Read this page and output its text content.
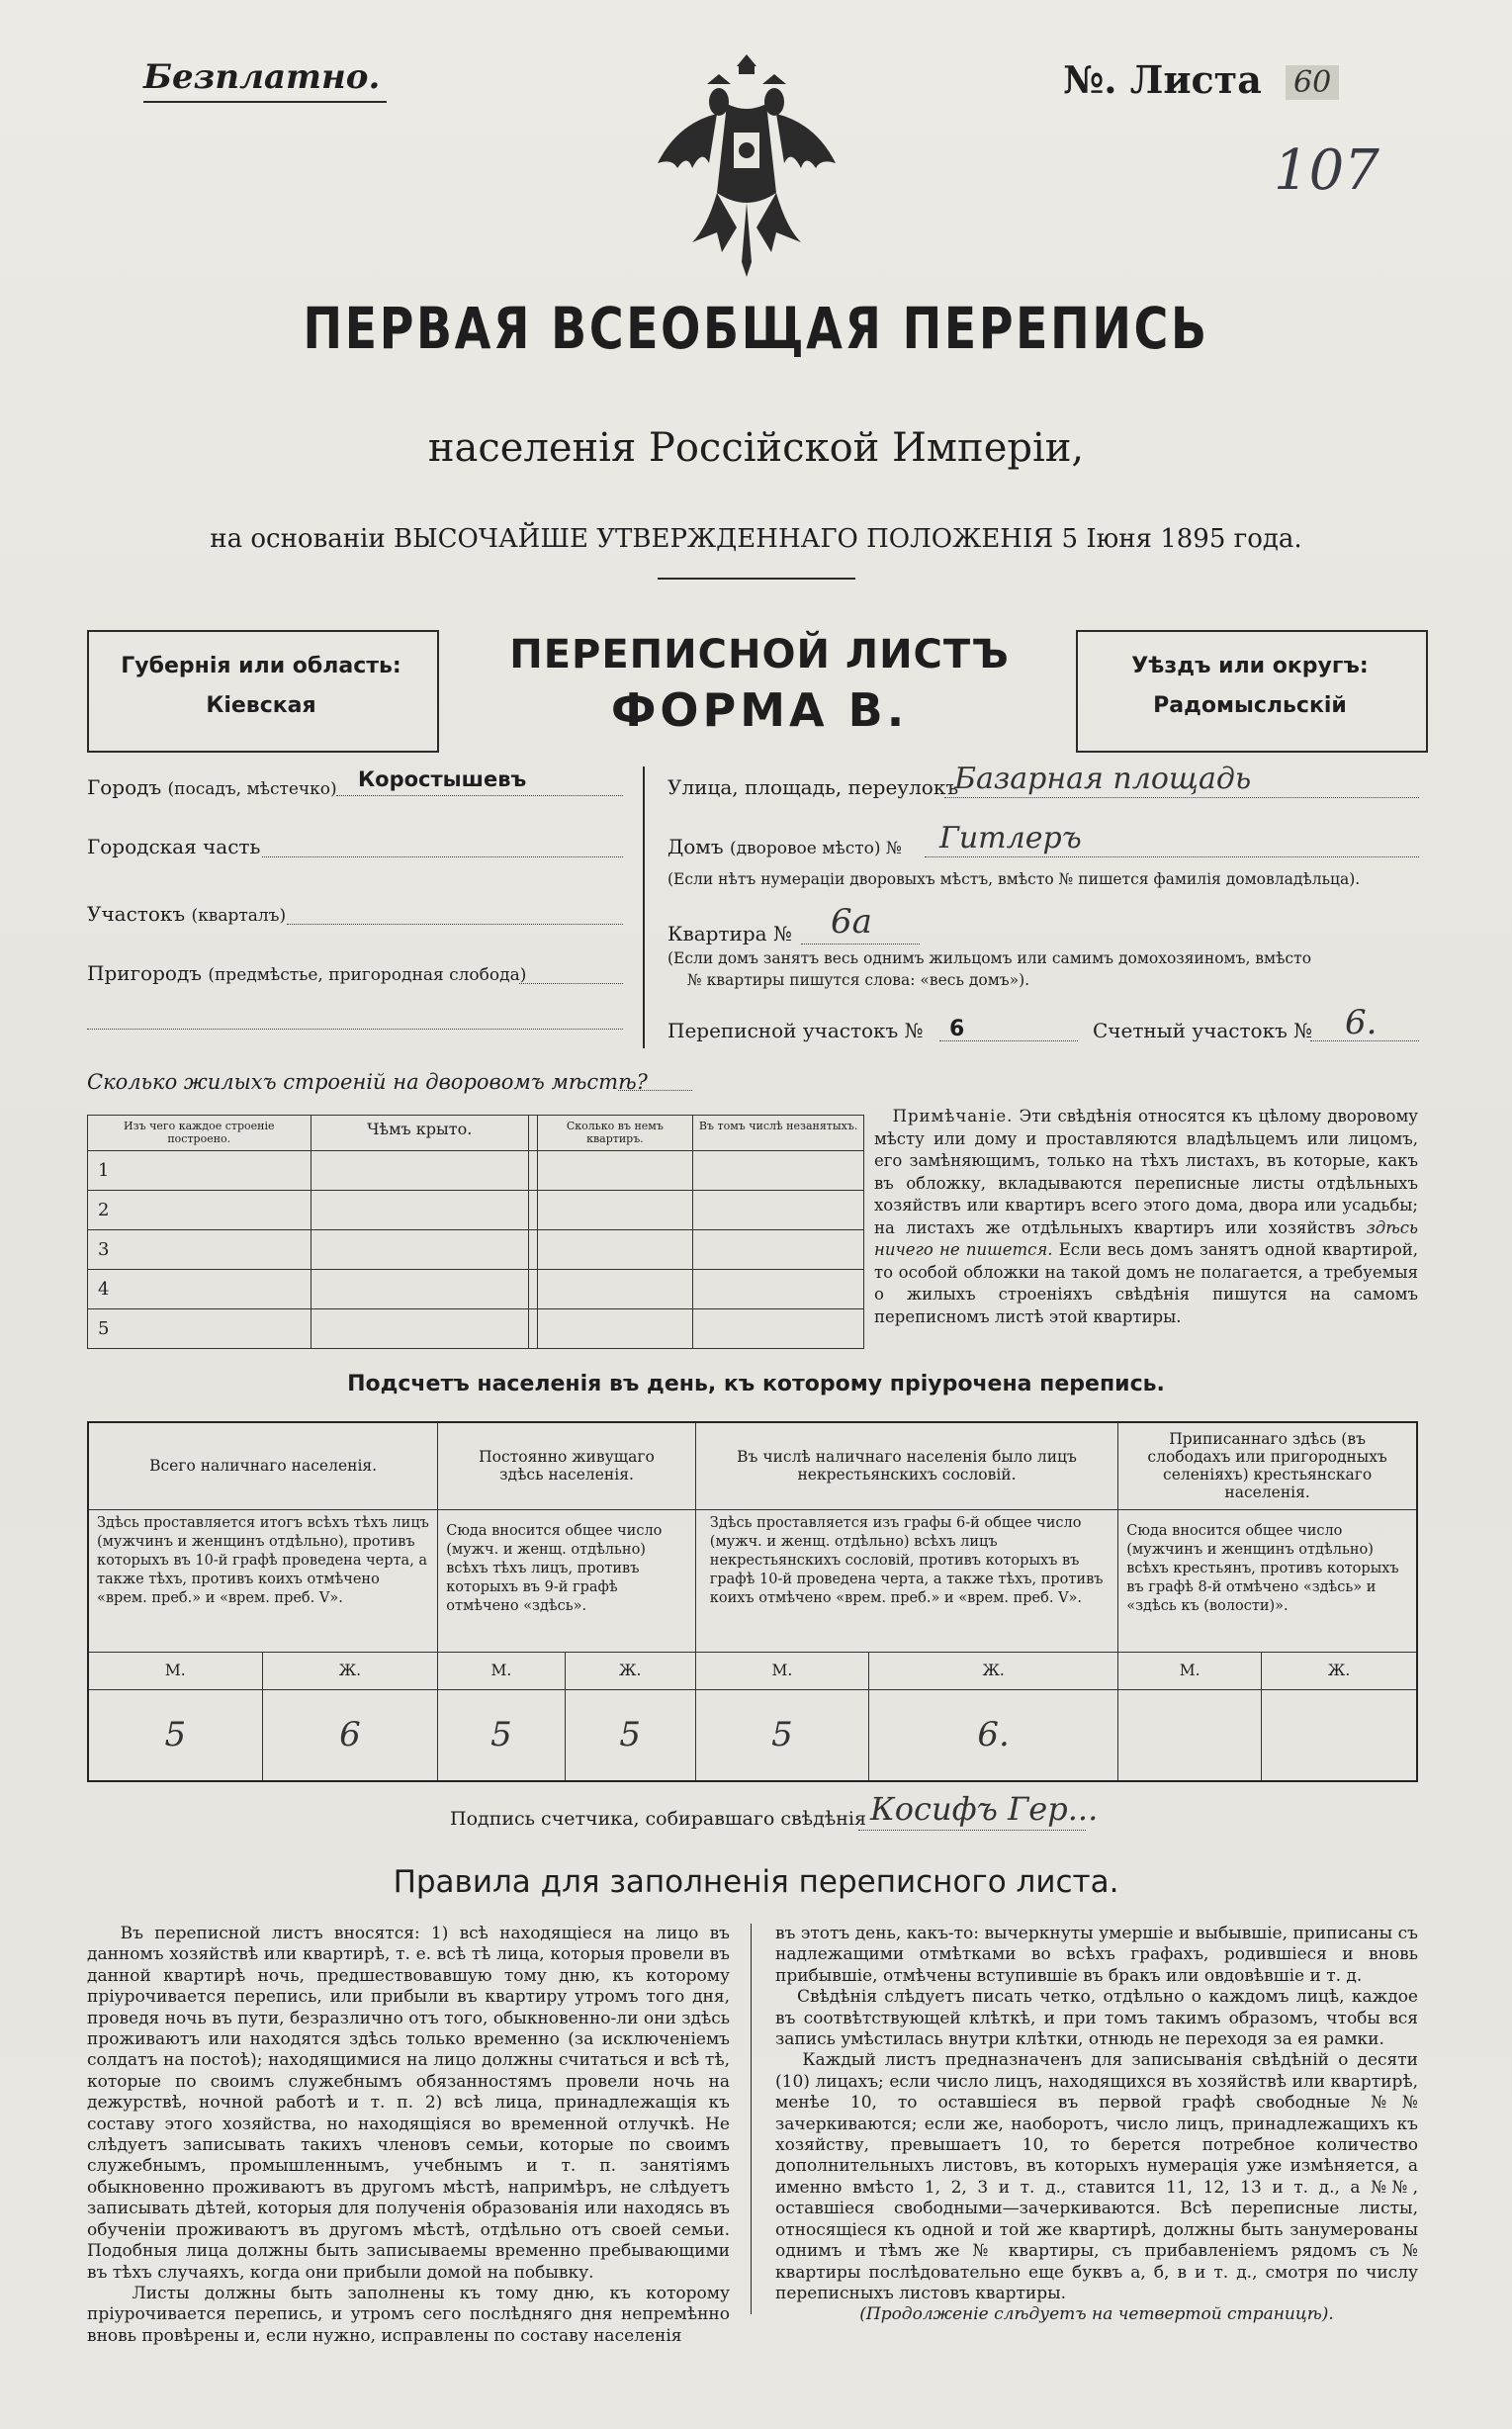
Безплатно.	№. Листа 60
107
ПЕРВАЯ ВСЕОБЩАЯ ПЕРЕПИСЬ
населенія Россійской Имперіи,
на основаніи ВЫСОЧАЙШЕ УТВЕРЖДЕННАГО ПОЛОЖЕНІЯ 5 Іюня 1895 года.
Губернія или область:
Кіевская
ПЕРЕПИСНОЙ ЛИСТЪ
ФОРМА В.
Уѣздъ или округъ:
Радомысльскій
Городъ (посадъ, мѣстечко) Коростышевъ
Городская часть
Участокъ (кварталъ)
Пригородъ (предмѣстье, пригородная слобода)
Улица, площадь, переулокъ
Базарная площадь
Домъ (дворовое мѣсто) № Гитлеръ
(Если нѣтъ нумераціи дворовыхъ мѣстъ, вмѣсто № пишется фамилія домовладѣльца).
Квартира № 6а
(Если домъ занятъ весь однимъ жильцомъ или самимъ домохозяиномъ, вмѣсто
№ квартиры пишутся слова: «весь домъ»).
Переписной участокъ № 6	Счетный участокъ № 6.
Сколько жилыхъ строеній на дворовомъ мѣстѣ?
Изъ чего каждое строеніе построено.	Чѣмъ крыто.		Сколько въ немъ квартиръ.	Въ томъ числѣ незанятыхъ.
1				
2				
3				
4				
5				
Примѣчаніе. Эти свѣдѣнія относятся къ цѣлому дворовому мѣсту или дому и проставляются владѣльцемъ или лицомъ, его замѣняющимъ, только на тѣхъ листахъ, въ которые, какъ въ обложку, вкладываются переписные листы отдѣльныхъ хозяйствъ или квартиръ всего этого дома, двора или усадьбы; на листахъ же отдѣльныхъ квартиръ или хозяйствъ здѣсь ничего не пишется. Если весь домъ занятъ одной квартирой, то особой обложки на такой домъ не полагается, а требуемыя о жилыхъ строеніяхъ свѣдѣнія пишутся на самомъ переписномъ листѣ этой квартиры.
Подсчетъ населенія въ день, къ которому пріурочена перепись.
Всего наличнаго населенія.		Постоянно живущаго здѣсь населенія.		Въ числѣ наличнаго населенія было лицъ некрестьянскихъ сословій.		Приписаннаго здѣсь (въ слободахъ или пригородныхъ селеніяхъ) крестьянскаго населенія.	
Здѣсь проставляется итогъ всѣхъ тѣхъ лицъ (мужчинъ и женщинъ отдѣльно), противъ которыхъ въ 10-й графѣ проведена черта, а также тѣхъ, противъ коихъ отмѣчено «врем. преб.» и «врем. преб. V».		Сюда вносится общее число (мужч. и женщ. отдѣльно) всѣхъ тѣхъ лицъ, противъ которыхъ въ 9-й графѣ отмѣчено «здѣсь».		Здѣсь проставляется изъ графы 6-й общее число (мужч. и женщ. отдѣльно) всѣхъ лицъ некрестьянскихъ сословій, противъ которыхъ въ графѣ 10-й проведена черта, а также тѣхъ, противъ коихъ отмѣчено «врем. преб.» и «врем. преб. V».		Сюда вносится общее число (мужчинъ и женщинъ отдѣльно) всѣхъ крестьянъ, противъ которыхъ въ графѣ 8-й отмѣчено «здѣсь» и «здѣсь къ (волости)».	
М.	Ж.	М.	Ж.	М.	Ж.	М.	Ж.
5	6	5	5	5	6.		
Подпись счетчика, собиравшаго свѣдѣнія Косифъ Гер...
Правила для заполненія переписного листа.
Въ переписной листъ вносятся: 1) всѣ находящіеся на лицо въ данномъ хозяйствѣ или квартирѣ, т. е. всѣ тѣ лица, которыя провели въ данной квартирѣ ночь, предшествовавшую тому дню, къ которому пріурочивается перепись, или прибыли въ квартиру утромъ того дня, проведя ночь въ пути, безразлично отъ того, обыкновенно-ли они здѣсь проживаютъ или находятся здѣсь только временно (за исключеніемъ солдатъ на постоѣ); находящимися на лицо должны считаться и всѣ тѣ, которые по своимъ служебнымъ обязанностямъ провели ночь на дежурствѣ, ночной работѣ и т. п. 2) всѣ лица, принадлежащія къ составу этого хозяйства, но находящіяся во временной отлучкѣ. Не слѣдуетъ записывать такихъ членовъ семьи, которые по своимъ служебнымъ, промышленнымъ, учебнымъ и т. п. занятіямъ обыкновенно проживаютъ въ другомъ мѣстѣ, напримѣръ, не слѣдуетъ записывать дѣтей, которыя для полученія образованія или находясь въ обученіи проживаютъ въ другомъ мѣстѣ, отдѣльно отъ своей семьи. Подобныя лица должны быть записываемы временно пребывающими въ тѣхъ случаяхъ, когда они прибыли домой на побывку.
Листы должны быть заполнены къ тому дню, къ которому пріурочивается перепись, и утромъ сего послѣдняго дня непремѣнно вновь провѣрены и, если нужно, исправлены по составу населенія
въ этотъ день, какъ-то: вычеркнуты умершіе и выбывшіе, приписаны съ надлежащими отмѣтками во всѣхъ графахъ, родившіеся и вновь прибывшіе, отмѣчены вступившіе въ бракъ или овдовѣвшіе и т. д.
Свѣдѣнія слѣдуетъ писать четко, отдѣльно о каждомъ лицѣ, каждое въ соотвѣтствующей клѣткѣ, и при томъ такимъ образомъ, чтобы вся запись умѣстилась внутри клѣтки, отнюдь не переходя за ея рамки.
Каждый листъ предназначенъ для записыванія свѣдѣній о десяти (10) лицахъ; если число лицъ, находящихся въ хозяйствѣ или квартирѣ, менѣе 10, то оставшіеся въ первой графѣ свободные №№ зачеркиваются; если же, наоборотъ, число лицъ, принадлежащихъ къ хозяйству, превышаетъ 10, то берется потребное количество дополнительныхъ листовъ, въ которыхъ нумерація уже измѣняется, а именно вмѣсто 1, 2, 3 и т. д., ставится 11, 12, 13 и т. д., а №№, оставшіеся свободными—зачеркиваются. Всѣ переписные листы, относящіеся къ одной и той же квартирѣ, должны быть занумерованы однимъ и тѣмъ же № квартиры, съ прибавленіемъ рядомъ съ № квартиры послѣдовательно еще буквъ а, б, в и т. д., смотря по числу переписныхъ листовъ квартиры.
(Продолженіе слѣдуетъ на четвертой страницѣ).
